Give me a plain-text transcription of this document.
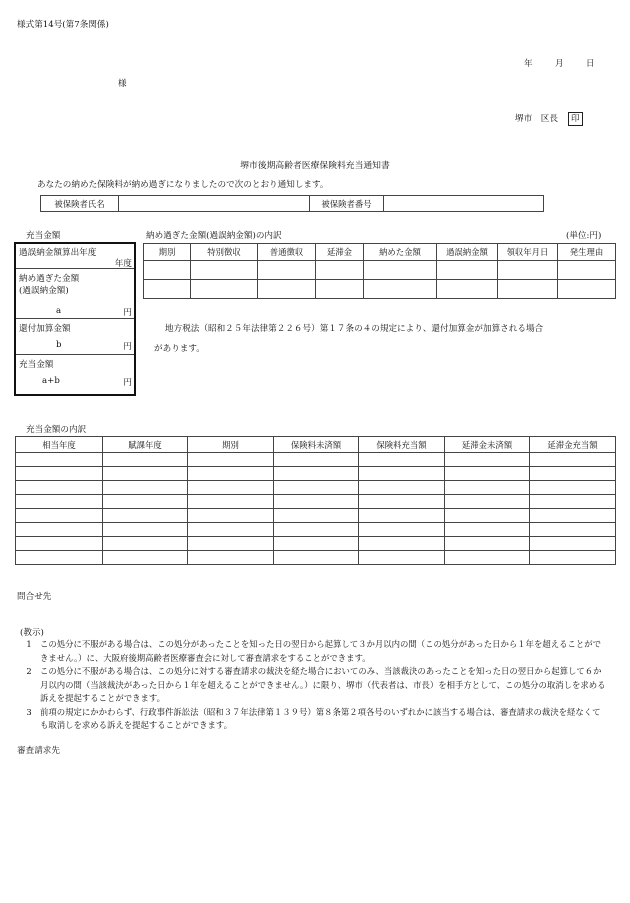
様式第14号(第7条関係)
年	月	日
様
堺市　区長 印
堺市後期高齢者医療保険料充当通知書
あなたの納めた保険料が納め過ぎになりましたので次のとおり通知します。
被保険者氏名		被保険者番号	
充当金額
過誤納金額算出年度
年度
納め過ぎた金額
(過誤納金額)
a	円
還付加算金額
b	円
充当金額
a+b	円
納め過ぎた金額(過誤納金額)の内訳	(単位:円)
期別	特別徴収	普通徴収	延滞金	納めた金額	過誤納金額	領収年月日	発生理由

地方税法（昭和２５年法律第２２６号）第１７条の４の規定により、還付加算金が加算される場合
があります。
充当金額の内訳
相当年度	賦課年度	期別	保険料未済額	保険料充当額	延滞金未済額	延滞金充当額

問合せ先
(教示)
1 この処分に不服がある場合は、この処分があったことを知った日の翌日から起算して３か月以内の間（この処分があった日から１年を超えることができません。）に、大阪府後期高齢者医療審査会に対して審査請求をすることができます。
2 この処分に不服がある場合は、この処分に対する審査請求の裁決を経た場合においてのみ、当該裁決のあったことを知った日の翌日から起算して６か月以内の間（当該裁決があった日から１年を超えることができません。）に限り、堺市（代表者は、市長）を相手方として、この処分の取消しを求める訴えを提起することができます。
3 前項の規定にかかわらず、行政事件訴訟法（昭和３７年法律第１３９号）第８条第２項各号のいずれかに該当する場合は、審査請求の裁決を経なくても取消しを求める訴えを提起することができます。
審査請求先
